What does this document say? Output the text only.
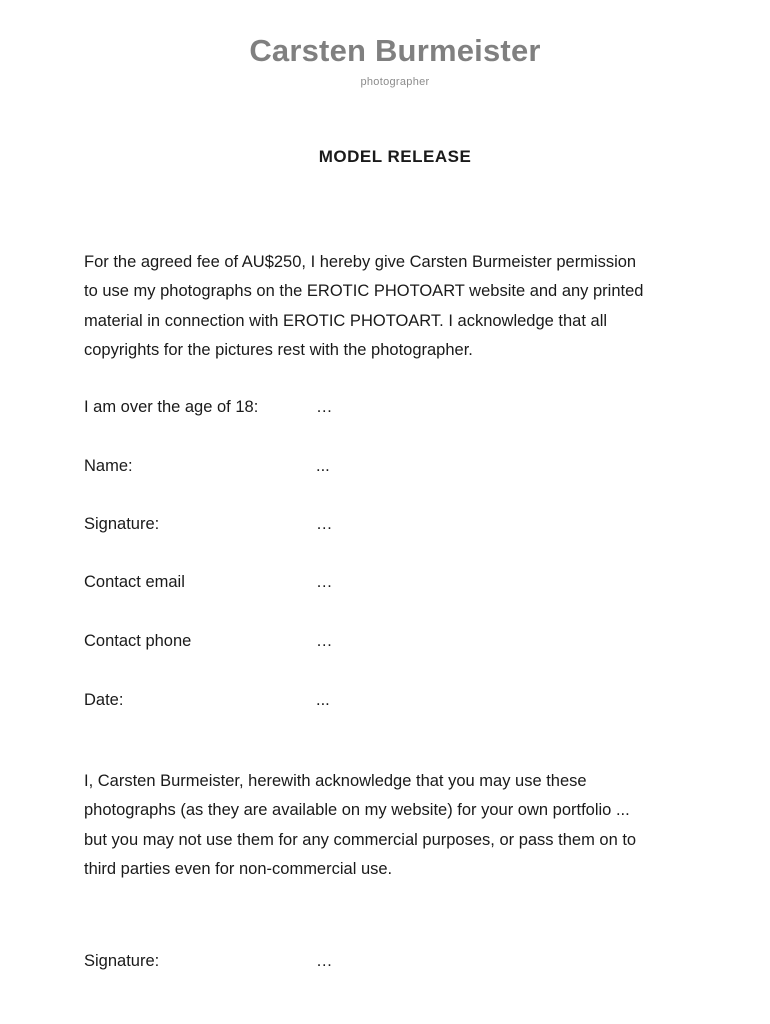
Carsten Burmeister
photographer
MODEL RELEASE
For the agreed fee of AU$250, I hereby give Carsten Burmeister permission
to use my photographs on the EROTIC PHOTOART website and any printed
material in connection with EROTIC PHOTOART. I acknowledge that all
copyrights for the pictures rest with the photographer.
I am over the age of 18:	…
Name:	...
Signature:	…
Contact email	…
Contact phone	…
Date:	...
I, Carsten Burmeister, herewith acknowledge that you may use these
photographs (as they are available on my website) for your own portfolio ...
but you may not use them for any commercial purposes, or pass them on to
third parties even for non-commercial use.
Signature:	…
